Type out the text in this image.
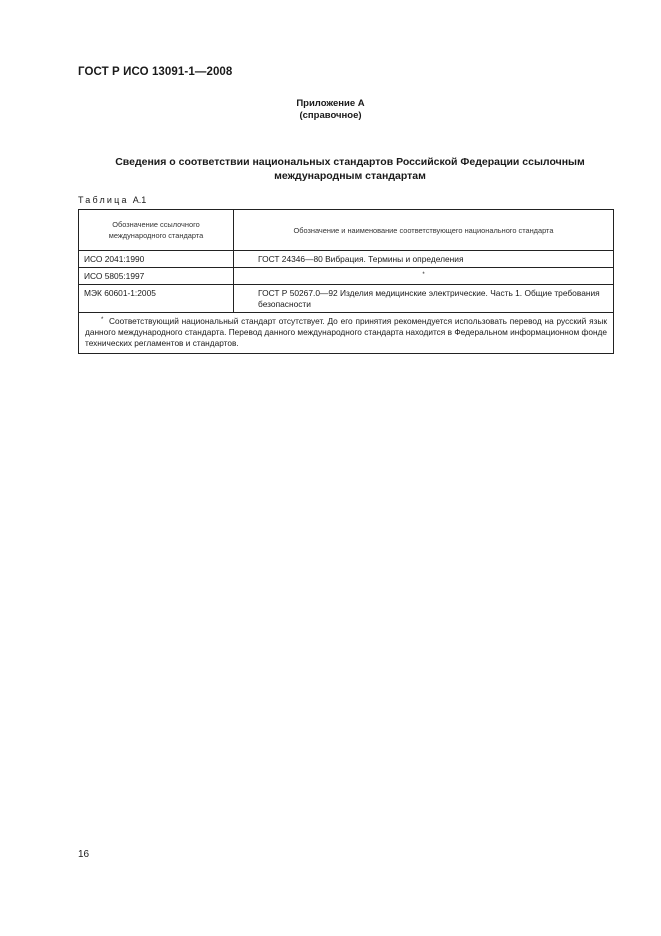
ГОСТ Р ИСО 13091-1—2008
Приложение А
(справочное)
Сведения о соответствии национальных стандартов Российской Федерации ссылочным международным стандартам
Таблица А.1
Обозначение ссылочного международного стандарта	Обозначение и наименование соответствующего национального стандарта

ИСО 2041:1990	ГОСТ 24346—80 Вибрация. Термины и определения
ИСО 5805:1997	*
МЭК 60601-1:2005	ГОСТ Р 50267.0—92 Изделия медицинские электрические. Часть 1. Общие требования безопасности

* Соответствующий национальный стандарт отсутствует. До его принятия рекомендуется использовать перевод на русский язык данного международного стандарта. Перевод данного международного стандарта находится в Федеральном информационном фонде технических регламентов и стандартов.	
16
